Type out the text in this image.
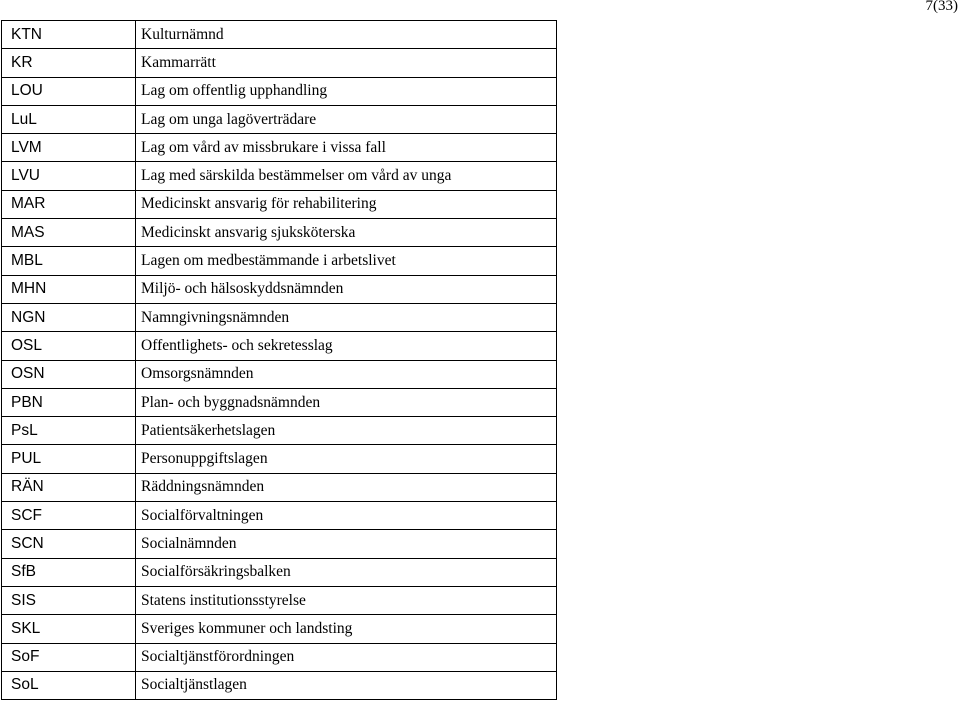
7(33)
KTN	Kulturnämnd
KR	Kammarrätt
LOU	Lag om offentlig upphandling
LuL	Lag om unga lagöverträdare
LVM	Lag om vård av missbrukare i vissa fall
LVU	Lag med särskilda bestämmelser om vård av unga
MAR	Medicinskt ansvarig för rehabilitering
MAS	Medicinskt ansvarig sjuksköterska
MBL	Lagen om medbestämmande i arbetslivet
MHN	Miljö- och hälsoskyddsnämnden
NGN	Namngivningsnämnden
OSL	Offentlighets- och sekretesslag
OSN	Omsorgsnämnden
PBN	Plan- och byggnadsnämnden
PsL	Patientsäkerhetslagen
PUL	Personuppgiftslagen
RÄN	Räddningsnämnden
SCF	Socialförvaltningen
SCN	Socialnämnden
SfB	Socialförsäkringsbalken
SIS	Statens institutionsstyrelse
SKL	Sveriges kommuner och landsting
SoF	Socialtjänstförordningen
SoL	Socialtjänstlagen
